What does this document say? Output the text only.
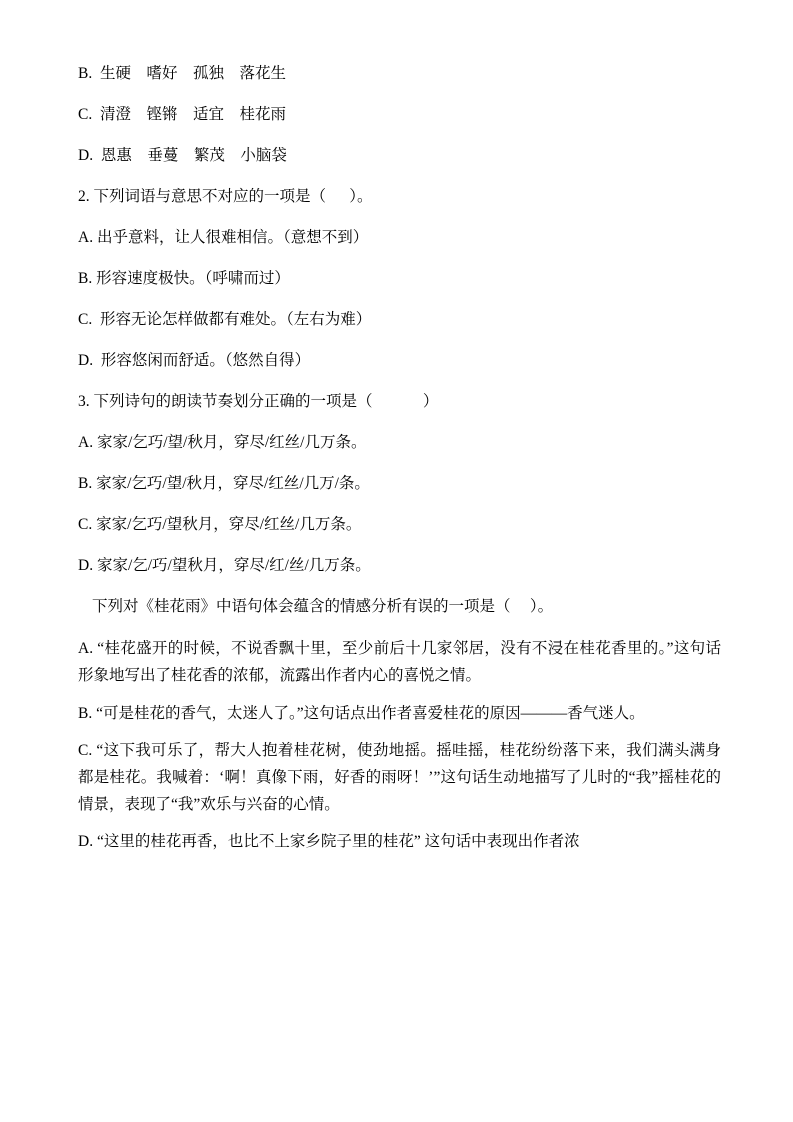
B.  生硬    嗜好    孤独    落花生

C.  清澄    铿锵    适宜    桂花雨

D.  恩惠    垂蔓    繁茂    小脑袋

2. 下列词语与意思不对应的一项是（      ）。

A. 出乎意料，让人很难相信。（意想不到）

B. 形容速度极快。（呼啸而过）

C.  形容无论怎样做都有难处。（左右为难）

D.  形容悠闲而舒适。（悠然自得）

3. 下列诗句的朗读节奏划分正确的一项是（             ）

A. 家家/乞巧/望/秋月，穿尽/红丝/几万条。

B. 家家/乞巧/望/秋月，穿尽/红丝/几万/条。

C. 家家/乞巧/望秋月，穿尽/红丝/几万条。

D. 家家/乞/巧/望秋月，穿尽/红/丝/几万条。

下列对《桂花雨》中语句体会蕴含的情感分析有误的一项是（     ）。

A. “桂花盛开的时候，不说香飘十里，至少前后十几家邻居，没有不浸在桂花香里的。”这句话形象地写出了桂花香的浓郁，流露出作者内心的喜悦之情。

B. “可是桂花的香气，太迷人了。”这句话点出作者喜爱桂花的原因———香气迷人。

C. “这下我可乐了，帮大人抱着桂花树，使劲地摇。摇哇摇，桂花纷纷落下来，我们满头满身都是桂花。我喊着：‘啊！真像下雨，好香的雨呀！’”这句话生动地描写了儿时的“我”摇桂花的情景，表现了“我”欢乐与兴奋的心情。

D. “这里的桂花再香，也比不上家乡院子里的桂花” 这句话中表现出作者浓
